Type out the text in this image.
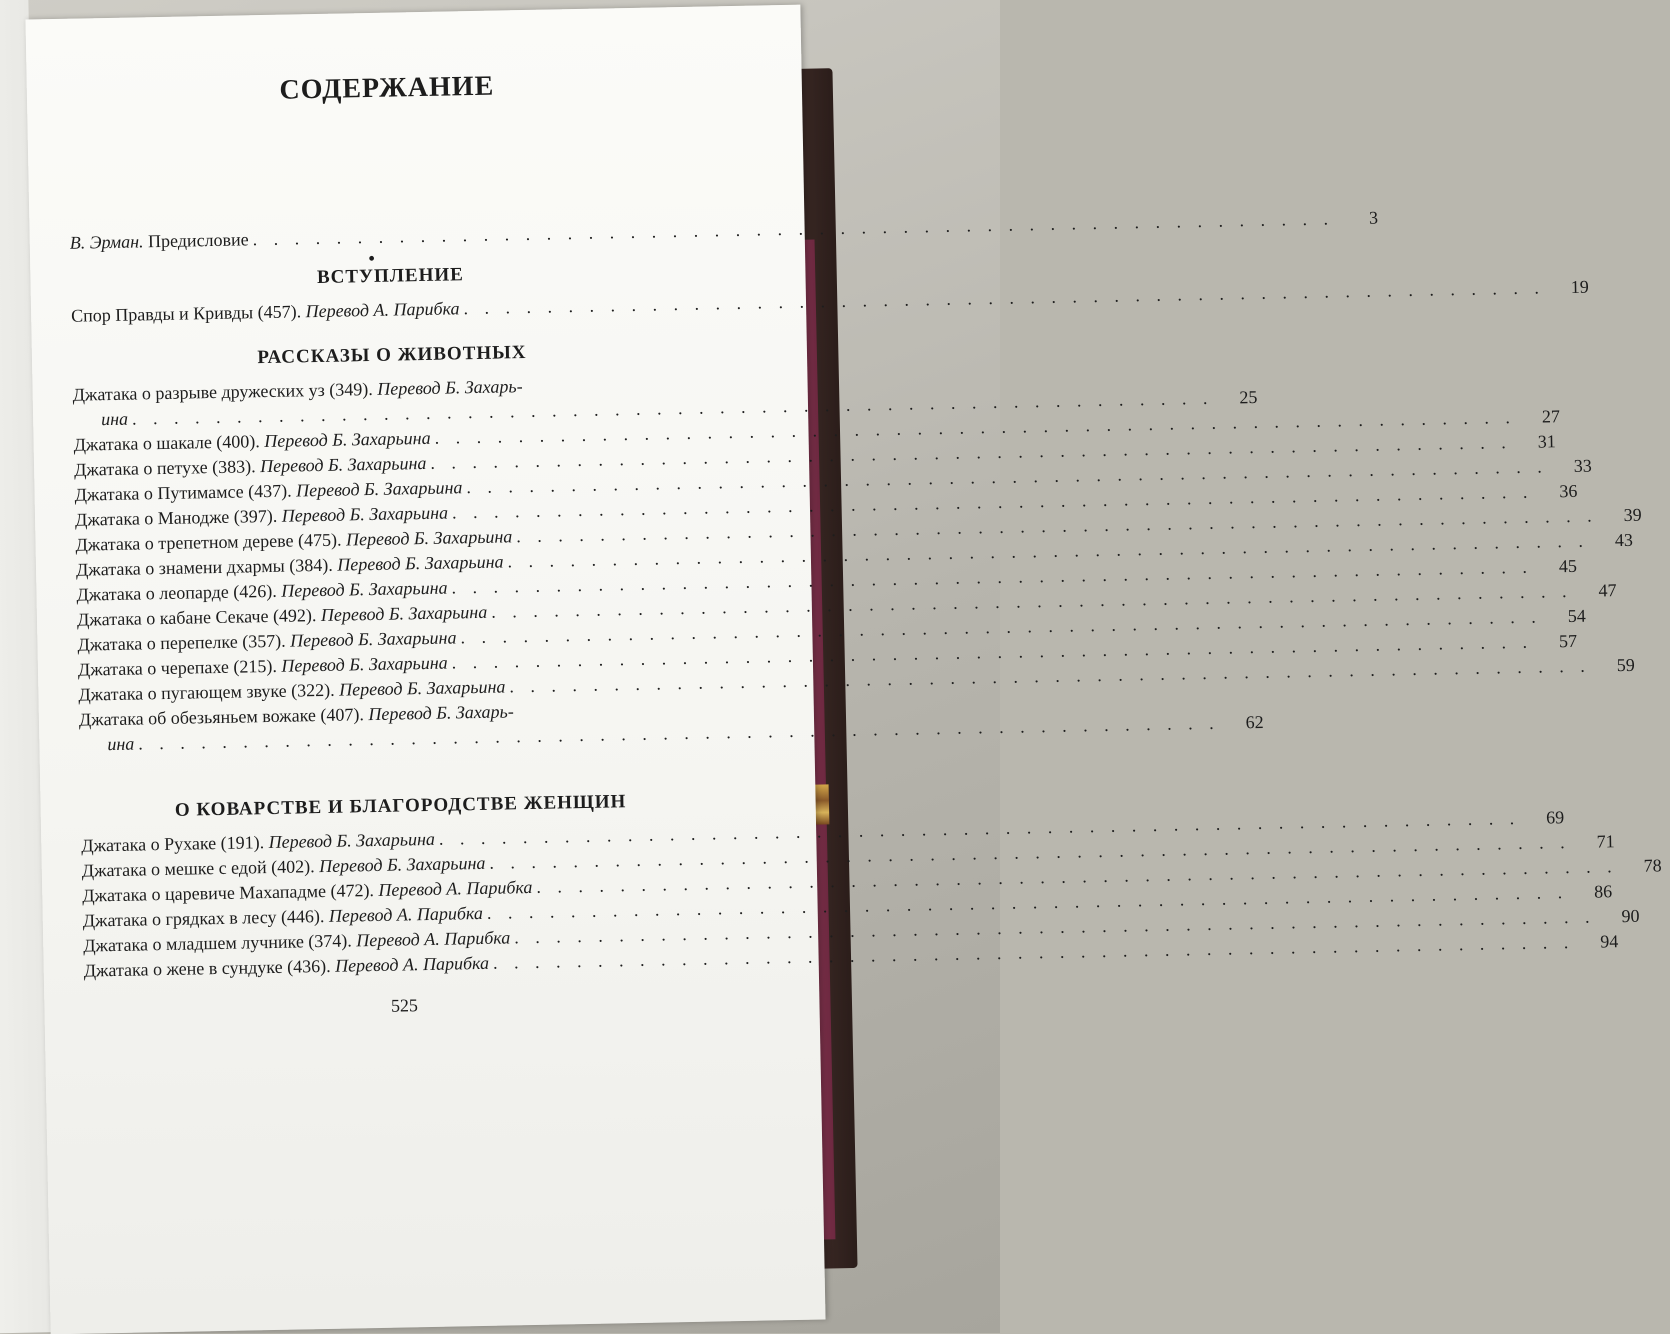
СОДЕРЖАНИЕ
•
В. Эрман. Предисловие
. . .
3
ВСТУПЛЕНИЕ
Спор Правды и Кривды (457). Перевод А. Парибка
. . .
19
РАССКАЗЫ О ЖИВОТНЫХ
Джатака о разрыве дружеских уз (349). Перевод Б. Захарь-
ина
. . .
25
Джатака о шакале (400). Перевод Б. Захарьина
. . .
27
Джатака о петухе (383). Перевод Б. Захарьина
. . .
31
Джатака о Путимамсе (437). Перевод Б. Захарьина
. . .
33
Джатака о Манодже (397). Перевод Б. Захарьина
. . .
36
Джатака о трепетном дереве (475). Перевод Б. Захарьина
. . .
39
Джатака о знамени дхармы (384). Перевод Б. Захарьина
. . .
43
Джатака о леопарде (426). Перевод Б. Захарьина
. . .
45
Джатака о кабане Секаче (492). Перевод Б. Захарьина
. . .
47
Джатака о перепелке (357). Перевод Б. Захарьина
. . .
54
Джатака о черепахе (215). Перевод Б. Захарьина
. . .
57
Джатака о пугающем звуке (322). Перевод Б. Захарьина
. . .
59
Джатака об обезьяньем вожаке (407). Перевод Б. Захарь-
ина
. . .
62
О КОВАРСТВЕ И БЛАГОРОДСТВЕ ЖЕНЩИН
Джатака о Рухаке (191). Перевод Б. Захарьина
. . .
69
Джатака о мешке с едой (402). Перевод Б. Захарьина
. . .
71
Джатака о царевиче Махападме (472). Перевод А. Парибка
. . .
78
Джатака о грядках в лесу (446). Перевод А. Парибка
. . .
86
Джатака о младшем лучнике (374). Перевод А. Парибка
. . .
90
Джатака о жене в сундуке (436). Перевод А. Парибка
. . .
94
525
